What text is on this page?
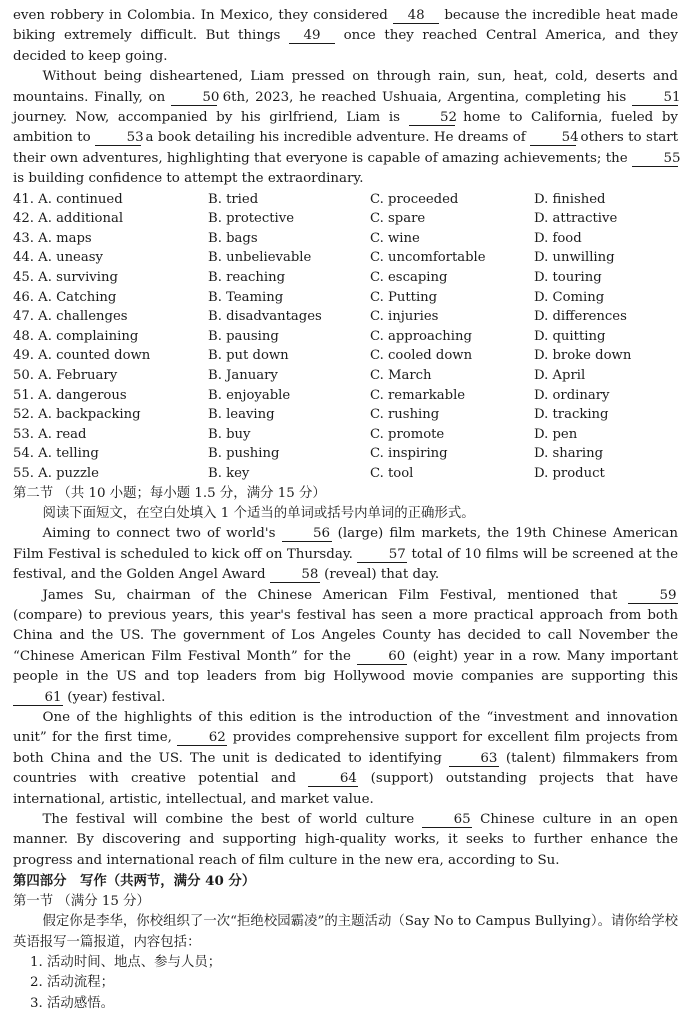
even robbery in Colombia. In Mexico, they considered 48 because the incredible heat made biking extremely difficult. But things 49 once they reached Central America, and they decided to keep going.

Without being disheartened, Liam pressed on through rain, sun, heat, cold, deserts and mountains. Finally, on 50 6th, 2023, he reached Ushuaia, Argentina, completing his 51 journey. Now, accompanied by his girlfriend, Liam is 52 home to California, fueled by ambition to 53 a book detailing his incredible adventure. He dreams of 54 others to start their own adventures, highlighting that everyone is capable of amazing achievements; the 55 is building confidence to attempt the extraordinary.

41. A. continued	B. tried	C. proceeded	D. finished
42. A. additional	B. protective	C. spare	D. attractive
43. A. maps	B. bags	C. wine	D. food
44. A. uneasy	B. unbelievable	C. uncomfortable	D. unwilling
45. A. surviving	B. reaching	C. escaping	D. touring
46. A. Catching	B. Teaming	C. Putting	D. Coming
47. A. challenges	B. disadvantages	C. injuries	D. differences
48. A. complaining	B. pausing	C. approaching	D. quitting
49. A. counted down	B. put down	C. cooled down	D. broke down
50. A. February	B. January	C. March	D. April
51. A. dangerous	B. enjoyable	C. remarkable	D. ordinary
52. A. backpacking	B. leaving	C. rushing	D. tracking
53. A. read	B. buy	C. promote	D. pen
54. A. telling	B. pushing	C. inspiring	D. sharing
55. A. puzzle	B. key	C. tool	D. product

第二节 （共 10 小题；每小题 1.5 分，满分 15 分）

阅读下面短文，在空白处填入 1 个适当的单词或括号内单词的正确形式。

Aiming to connect two of world's 56 (large) film markets, the 19th Chinese American Film Festival is scheduled to kick off on Thursday. 57 total of 10 films will be screened at the festival, and the Golden Angel Award 58 (reveal) that day.

James Su, chairman of the Chinese American Film Festival, mentioned that 59 (compare) to previous years, this year's festival has seen a more practical approach from both China and the US. The government of Los Angeles County has decided to call November the “Chinese American Film Festival Month” for the 60 (eight) year in a row. Many important people in the US and top leaders from big Hollywood movie companies are supporting this 61 (year) festival.

One of the highlights of this edition is the introduction of the “investment and innovation unit” for the first time, 62 provides comprehensive support for excellent film projects from both China and the US. The unit is dedicated to identifying 63 (talent) filmmakers from countries with creative potential and 64 (support) outstanding projects that have international, artistic, intellectual, and market value.

The festival will combine the best of world culture 65 Chinese culture in an open manner. By discovering and supporting high-quality works, it seeks to further enhance the progress and international reach of film culture in the new era, according to Su.

第四部分　写作（共两节，满分 40 分）

第一节 （满分 15 分）

假定你是李华，你校组织了一次“拒绝校园霸凌”的主题活动（Say No to Campus Bullying）。请你给学校英语报写一篇报道，内容包括：

1. 活动时间、地点、参与人员；
2. 活动流程；
3. 活动感悟。
